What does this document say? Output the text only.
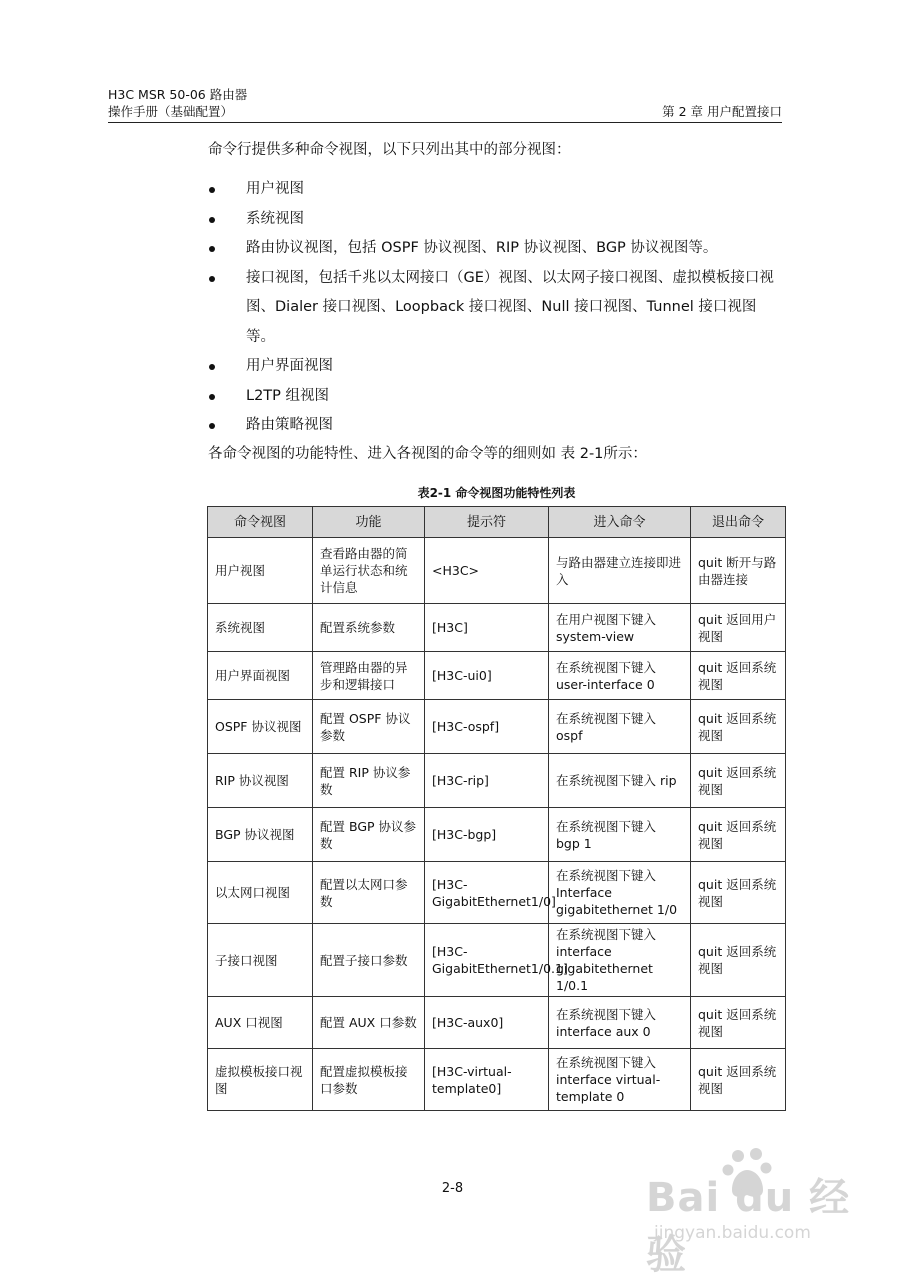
H3C MSR 50-06 路由器
操作手册（基础配置）	第 2 章 用户配置接口
命令行提供多种命令视图，以下只列出其中的部分视图：
用户视图
系统视图
路由协议视图，包括 OSPF 协议视图、RIP 协议视图、BGP 协议视图等。
接口视图，包括千兆以太网接口（GE）视图、以太网子接口视图、虚拟模板接口视图、Dialer 接口视图、Loopback 接口视图、Null 接口视图、Tunnel 接口视图等。
用户界面视图
L2TP 组视图
路由策略视图
各命令视图的功能特性、进入各视图的命令等的细则如 表 2-1所示：
表2-1 命令视图功能特性列表
命令视图	功能	提示符	进入命令	退出命令
用户视图	查看路由器的简单运行状态和统计信息	<H3C>	与路由器建立连接即进入	quit 断开与路由器连接
系统视图	配置系统参数	[H3C]	在用户视图下键入 system-view	quit 返回用户视图
用户界面视图	管理路由器的异步和逻辑接口	[H3C-ui0]	在系统视图下键入 user-interface 0	quit 返回系统视图
OSPF 协议视图	配置 OSPF 协议参数	[H3C-ospf]	在系统视图下键入 ospf	quit 返回系统视图
RIP 协议视图	配置 RIP 协议参数	[H3C-rip]	在系统视图下键入 rip	quit 返回系统视图
BGP 协议视图	配置 BGP 协议参数	[H3C-bgp]	在系统视图下键入 bgp 1	quit 返回系统视图
以太网口视图	配置以太网口参数	[H3C-GigabitEthernet1/0]	在系统视图下键入 Interface gigabitethernet 1/0	quit 返回系统视图
子接口视图	配置子接口参数	[H3C-GigabitEthernet1/0.1]	在系统视图下键入 interface gigabitethernet 1/0.1	quit 返回系统视图
AUX 口视图	配置 AUX 口参数	[H3C-aux0]	在系统视图下键入 interface aux 0	quit 返回系统视图
虚拟模板接口视图	配置虚拟模板接口参数	[H3C-virtual-template0]	在系统视图下键入 interface virtual-template 0	quit 返回系统视图
2-8	Bai du 经验
jingyan.baidu.com
